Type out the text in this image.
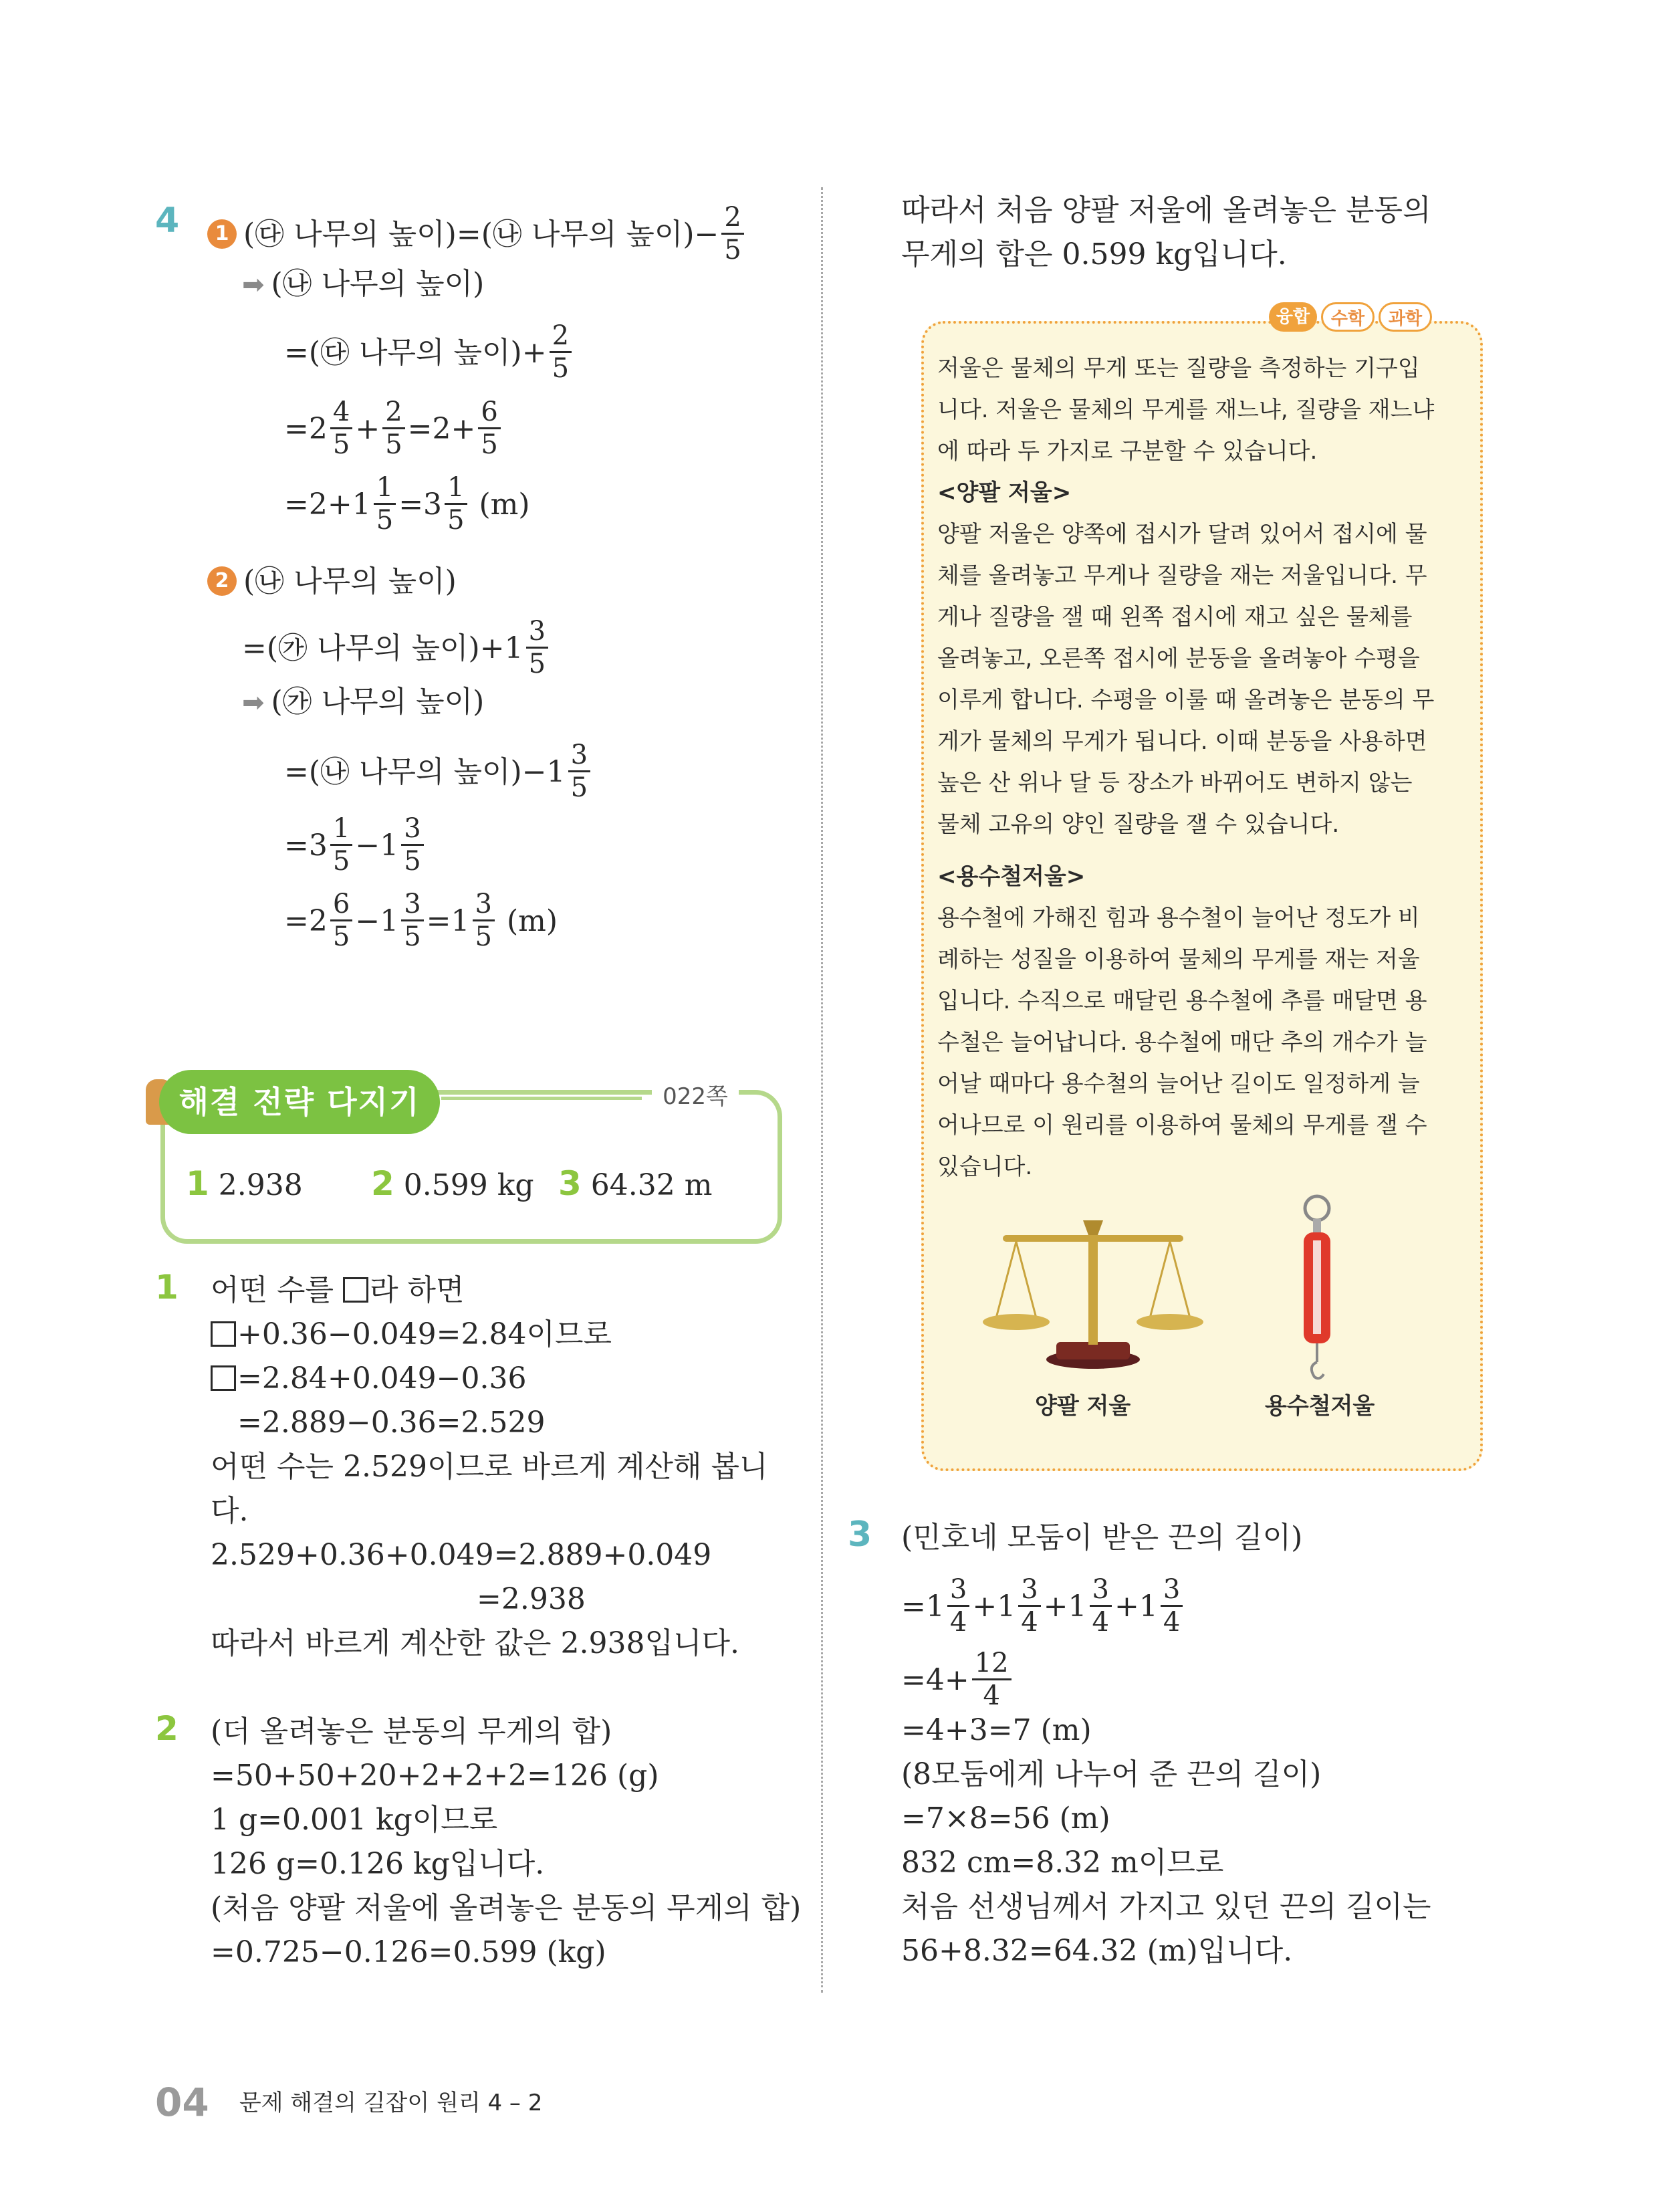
4	1 (㉰ 나무의 높이)=(㉯ 나무의 높이)− $\frac{2}{5}$
➡ (㉯ 나무의 높이)
=(㉰ 나무의 높이)+ $\frac{2}{5}$
$=2 \frac{4}{5} + \frac{2}{5} =2+ \frac{6}{5}$
$=2+1 \frac{1}{5} =3 \frac{1}{5} (m)$
2 (㉯ 나무의 높이)
=(㉮ 나무의 높이)$+1 \frac{3}{5}$
➡ (㉮ 나무의 높이)
=(㉯ 나무의 높이)$-1 \frac{3}{5}$
$=3 \frac{1}{5} -1 \frac{3}{5}$
$=2 \frac{6}{5} -1 \frac{3}{5} =1 \frac{3}{5} (m)$
해결 전략 다지기	022쪽
1 2.938 2 0.599 kg 3 64.32 m
1 어떤 수를 라 하면
+0.36−0.049=2.84이므로
=2.84+0.049−0.36
=2.889−0.36=2.529
어떤 수는 2.529이므로 바르게 계산해 봅니
다.
2.529+0.36+0.049=2.889+0.049
=2.938
따라서 바르게 계산한 값은 2.938입니다.
2 (더 올려놓은 분동의 무게의 합)
=50+50+20+2+2+2=126 (g)
1 g=0.001 kg이므로
126 g=0.126 kg입니다.
(처음 양팔 저울에 올려놓은 분동의 무게의 합)
=0.725−0.126=0.599 (kg)
따라서 처음 양팔 저울에 올려놓은 분동의
무게의 합은 0.599 kg입니다.
융합	수학	과학
저울은 물체의 무게 또는 질량을 측정하는 기구입
니다. 저울은 물체의 무게를 재느냐, 질량을 재느냐
에 따라 두 가지로 구분할 수 있습니다.
<양팔 저울>
양팔 저울은 양쪽에 접시가 달려 있어서 접시에 물
체를 올려놓고 무게나 질량을 재는 저울입니다. 무
게나 질량을 잴 때 왼쪽 접시에 재고 싶은 물체를
올려놓고, 오른쪽 접시에 분동을 올려놓아 수평을
이루게 합니다. 수평을 이룰 때 올려놓은 분동의 무
게가 물체의 무게가 됩니다. 이때 분동을 사용하면
높은 산 위나 달 등 장소가 바뀌어도 변하지 않는
물체 고유의 양인 질량을 잴 수 있습니다.
<용수철저울>
용수철에 가해진 힘과 용수철이 늘어난 정도가 비
례하는 성질을 이용하여 물체의 무게를 재는 저울
입니다. 수직으로 매달린 용수철에 추를 매달면 용
수철은 늘어납니다. 용수철에 매단 추의 개수가 늘
어날 때마다 용수철의 늘어난 길이도 일정하게 늘
어나므로 이 원리를 이용하여 물체의 무게를 잴 수
있습니다.
양팔 저울	용수철저울
3 (민호네 모둠이 받은 끈의 길이)
$=1 \frac{3}{4} +1 \frac{3}{4} +1 \frac{3}{4} +1 \frac{3}{4}$
$=4+ \frac{12}{4}$
=4+3=7 (m)
(8모둠에게 나누어 준 끈의 길이)
=7×8=56 (m)
832 cm=8.32 m이므로
처음 선생님께서 가지고 있던 끈의 길이는
56+8.32=64.32 (m)입니다.
04 문제 해결의 길잡이 원리 4 – 2
